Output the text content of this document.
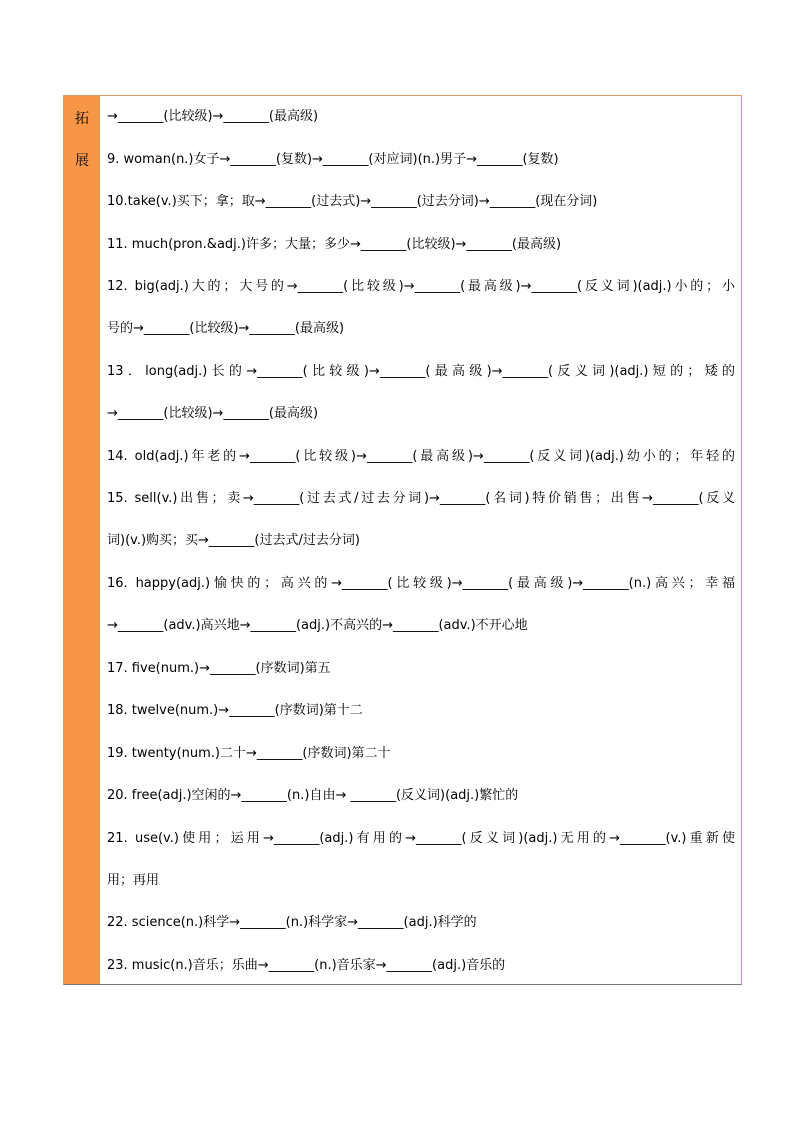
拓
展
→_______(比较级)→_______(最高级)
9. woman(n.)女子→_______(复数)→_______(对应词)(n.)男子→_______(复数)
10.take(v.)买下；拿；取→_______(过去式)→_______(过去分词)→_______(现在分词)
11. much(pron.&adj.)许多；大量；多少→_______(比较级)→_______(最高级)
12. big(adj.)大的；大号的→_______(比较级)→_______(最高级)→_______(反义词)(adj.)小的；小
号的→_______(比较级)→_______(最高级)
13．long(adj.)长的→_______(比较级)→_______(最高级)→_______(反义词)(adj.)短的；矮的
→_______(比较级)→_______(最高级)
14. old(adj.)年老的→_______(比较级)→_______(最高级)→_______(反义词)(adj.)幼小的；年轻的
15. sell(v.)出售；卖→_______(过去式/过去分词)→_______(名词)特价销售；出售→_______(反义
词)(v.)购买；买→_______(过去式/过去分词)
16. happy(adj.)愉快的；高兴的→_______(比较级)→_______(最高级)→_______(n.)高兴；幸福
→_______(adv.)高兴地→_______(adj.)不高兴的→_______(adv.)不开心地
17. five(num.)→_______(序数词)第五
18. twelve(num.)→_______(序数词)第十二
19. twenty(num.)二十→_______(序数词)第二十
20. free(adj.)空闲的→_______(n.)自由→ _______(反义词)(adj.)繁忙的
21. use(v.)使用；运用→_______(adj.)有用的→_______(反义词)(adj.)无用的→_______(v.)重新使
用；再用
22. science(n.)科学→_______(n.)科学家→_______(adj.)科学的
23. music(n.)音乐；乐曲→_______(n.)音乐家→_______(adj.)音乐的
